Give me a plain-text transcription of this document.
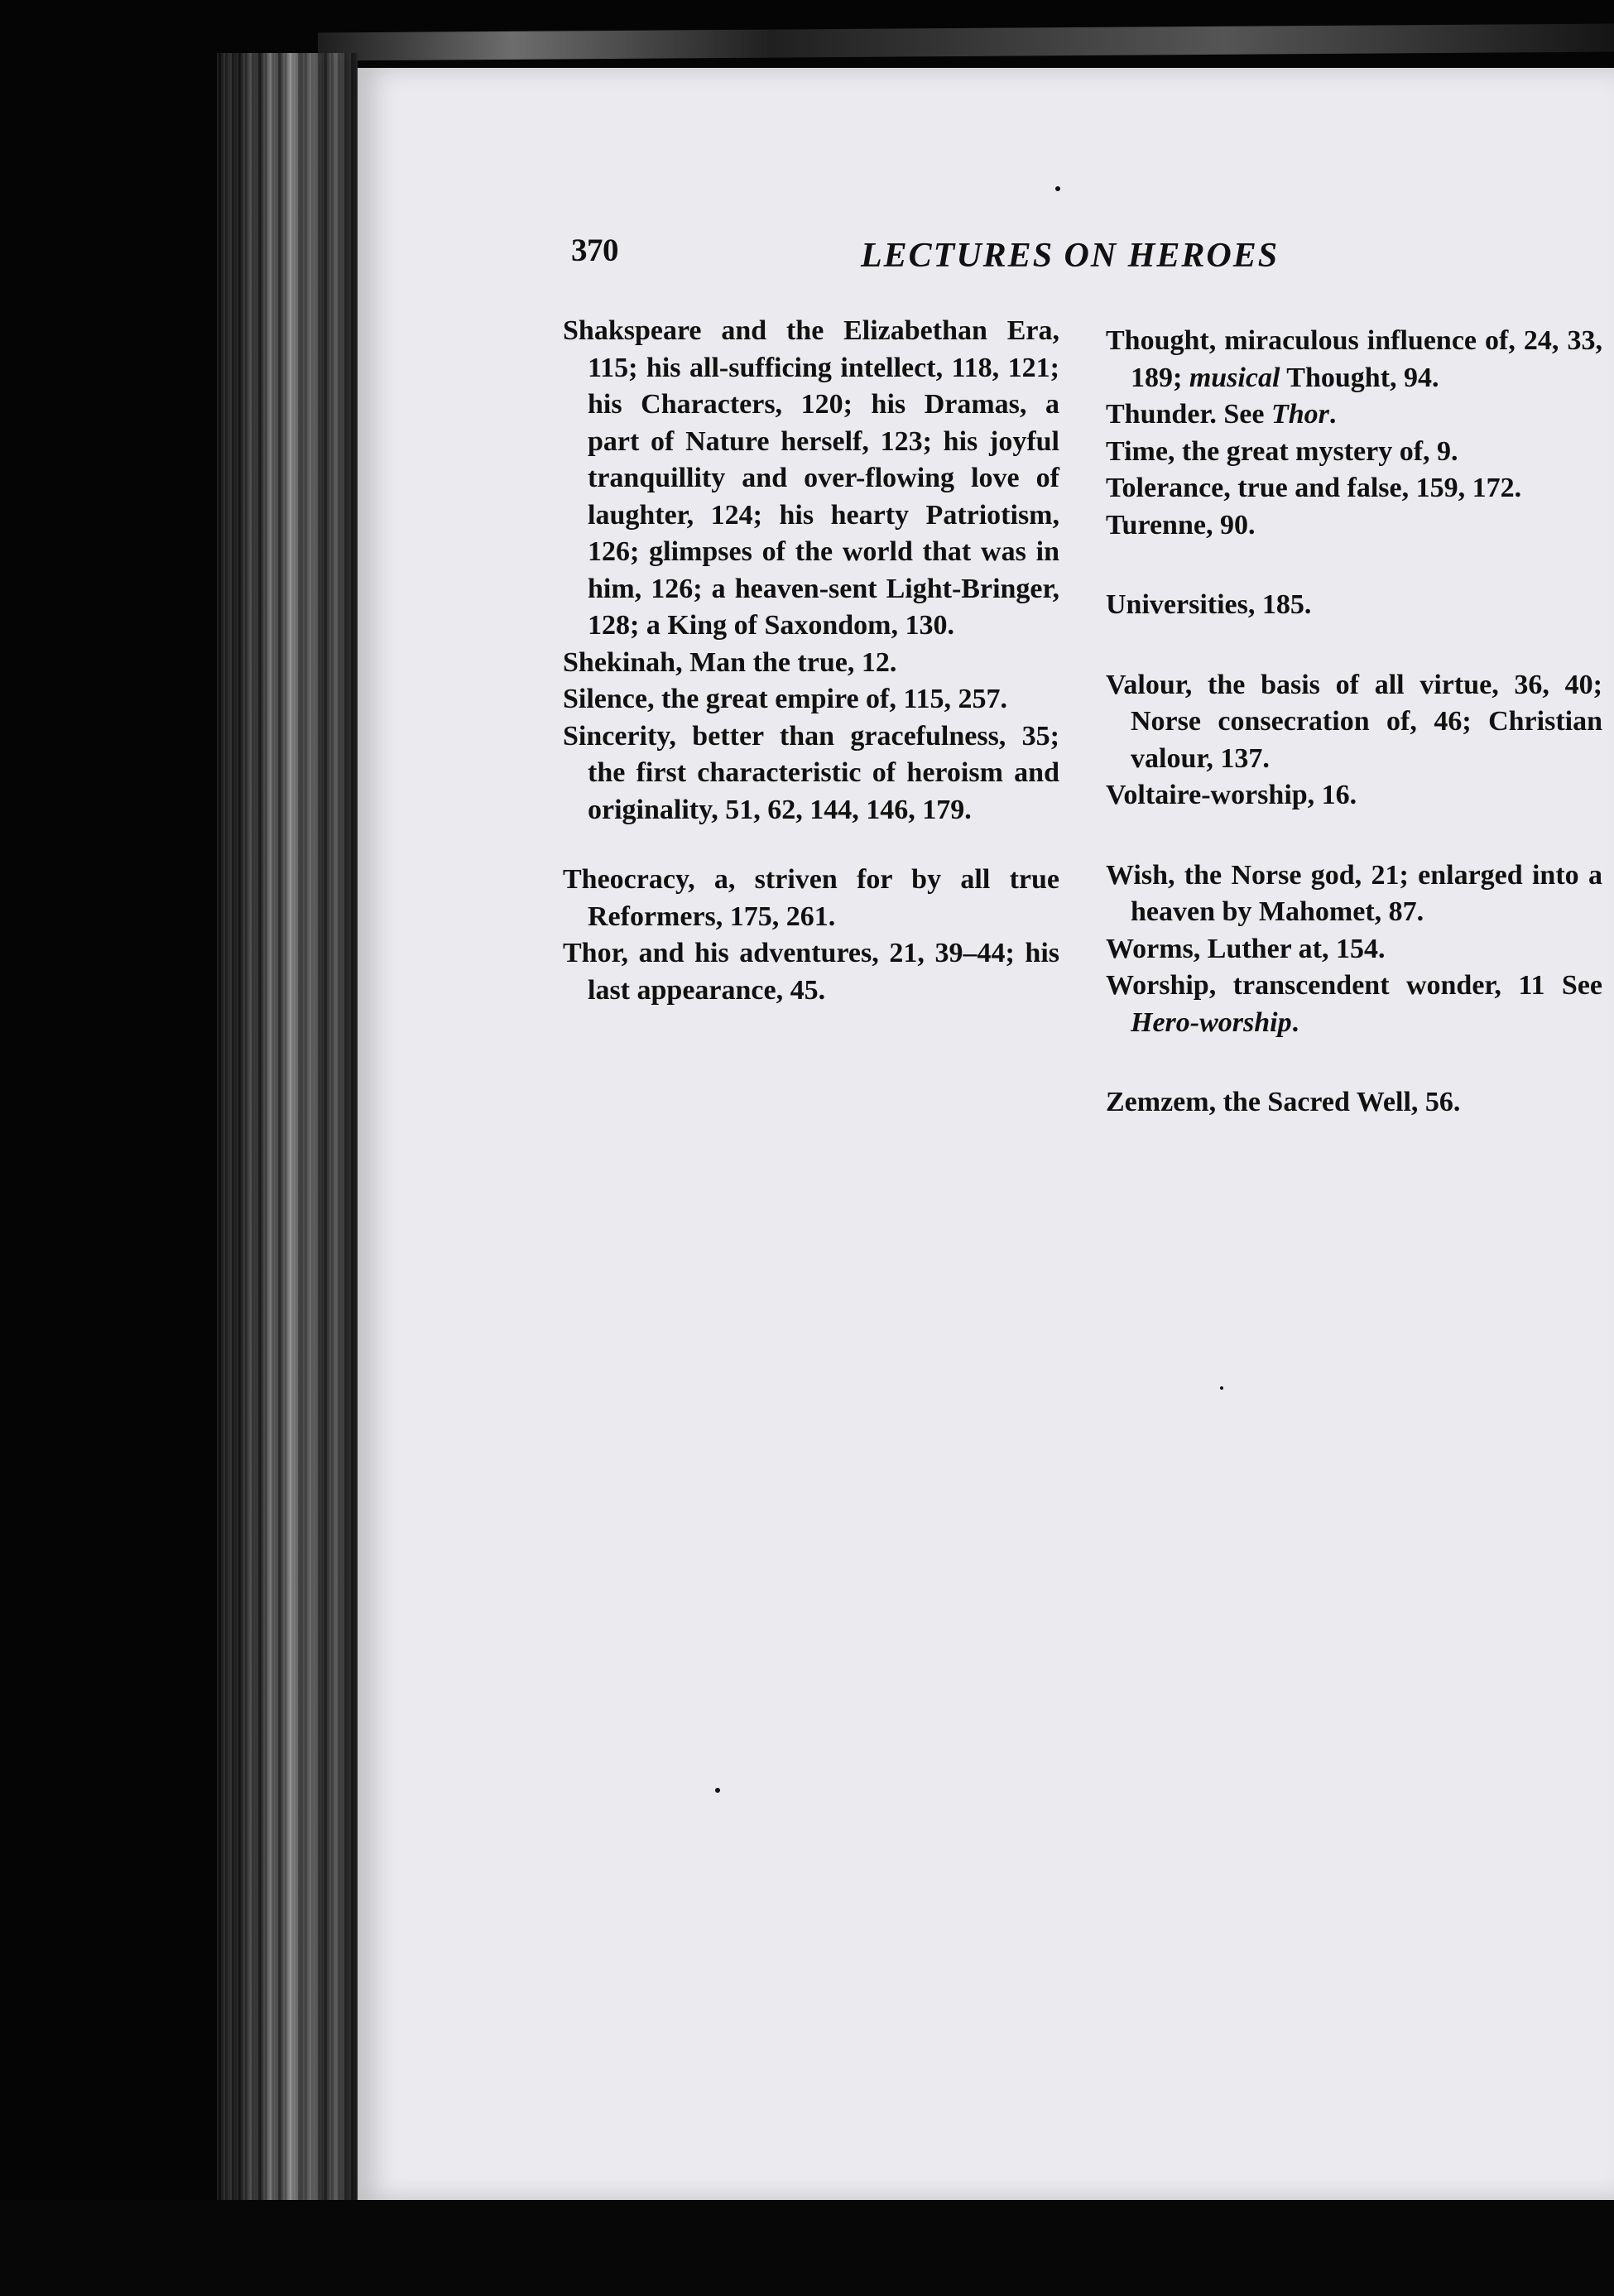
370	LECTURES ON HEROES

Shakspeare and the Elizabethan Era, 115; his all-sufficing intellect, 118, 121; his Characters, 120; his Dramas, a part of Nature herself, 123; his joyful tranquillity and over-flowing love of laughter, 124; his hearty Patriotism, 126; glimpses of the world that was in him, 126; a heaven-sent Light-Bringer, 128; a King of Saxondom, 130.

Shekinah, Man the true, 12.

Silence, the great empire of, 115, 257.

Sincerity, better than gracefulness, 35; the first characteristic of heroism and originality, 51, 62, 144, 146, 179.

Theocracy, a, striven for by all true Reformers, 175, 261.

Thor, and his adventures, 21, 39–44; his last appearance, 45.

Thought, miraculous influence of, 24, 33, 189; musical Thought, 94.

Thunder. See Thor.

Time, the great mystery of, 9.

Tolerance, true and false, 159, 172.

Turenne, 90.

Universities, 185.

Valour, the basis of all virtue, 36, 40; Norse consecration of, 46; Christian valour, 137.

Voltaire-worship, 16.

Wish, the Norse god, 21; enlarged into a heaven by Mahomet, 87.

Worms, Luther at, 154.

Worship, transcendent wonder, 11 See Hero-worship.

Zemzem, the Sacred Well, 56.
